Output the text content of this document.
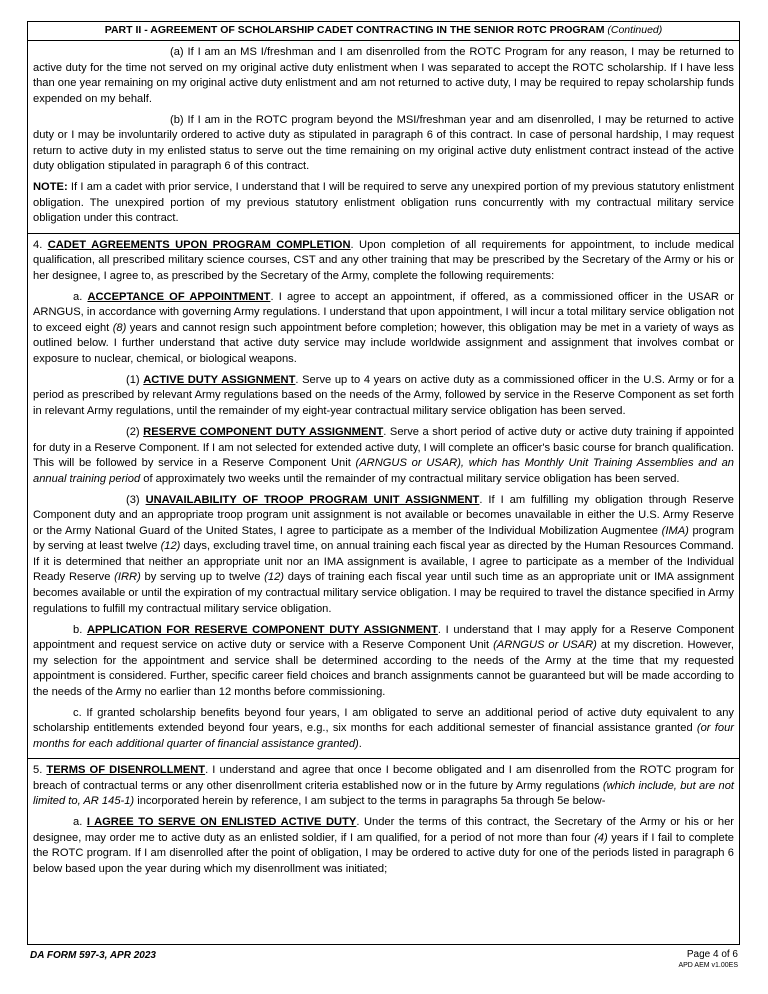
PART II - AGREEMENT OF SCHOLARSHIP CADET CONTRACTING IN THE SENIOR ROTC PROGRAM (Continued)

(a) If I am an MS I/freshman and I am disenrolled from the ROTC Program for any reason, I may be returned to active duty for the time not served on my original active duty enlistment when I was separated to accept the ROTC scholarship. If I have less than one year remaining on my original active duty enlistment and am not returned to active duty, I may be required to repay scholarship funds expended on my behalf.

(b) If I am in the ROTC program beyond the MSI/freshman year and am disenrolled, I may be returned to active duty or I may be involuntarily ordered to active duty as stipulated in paragraph 6 of this contract. In case of personal hardship, I may request return to active duty in my enlisted status to serve out the time remaining on my original active duty enlistment contract instead of the active duty obligation stipulated in paragraph 6 of this contract.

NOTE: If I am a cadet with prior service, I understand that I will be required to serve any unexpired portion of my previous statutory enlistment obligation. The unexpired portion of my previous statutory enlistment obligation runs concurrently with my contractual military service obligation under this contract.

4. CADET AGREEMENTS UPON PROGRAM COMPLETION. Upon completion of all requirements for appointment, to include medical qualification, all prescribed military science courses, CST and any other training that may be prescribed by the Secretary of the Army or his or her designee, I agree to, as prescribed by the Secretary of the Army, complete the following requirements:

a. ACCEPTANCE OF APPOINTMENT. I agree to accept an appointment, if offered, as a commissioned officer in the USAR or ARNGUS, in accordance with governing Army regulations. I understand that upon appointment, I will incur a total military service obligation not to exceed eight (8) years and cannot resign such appointment before completion; however, this obligation may be met in a variety of ways as outlined below. I further understand that active duty service may include worldwide assignment and assignment that involves combat or exposure to nuclear, chemical, or biological weapons.

(1) ACTIVE DUTY ASSIGNMENT. Serve up to 4 years on active duty as a commissioned officer in the U.S. Army or for a period as prescribed by relevant Army regulations based on the needs of the Army, followed by service in the Reserve Component as set forth in relevant Army regulations, until the remainder of my eight-year contractual military service obligation has been served.

(2) RESERVE COMPONENT DUTY ASSIGNMENT. Serve a short period of active duty or active duty training if appointed for duty in a Reserve Component. If I am not selected for extended active duty, I will complete an officer's basic course for branch qualification. This will be followed by service in a Reserve Component Unit (ARNGUS or USAR), which has Monthly Unit Training Assemblies and an annual training period of approximately two weeks until the remainder of my contractual military service obligation has been served.

(3) UNAVAILABILITY OF TROOP PROGRAM UNIT ASSIGNMENT. If I am fulfilling my obligation through Reserve Component duty and an appropriate troop program unit assignment is not available or becomes unavailable in either the U.S. Army Reserve or the Army National Guard of the United States, I agree to participate as a member of the Individual Mobilization Augmentee (IMA) program by serving at least twelve (12) days, excluding travel time, on annual training each fiscal year as directed by the Human Resources Command. If it is determined that neither an appropriate unit nor an IMA assignment is available, I agree to participate as a member of the Individual Ready Reserve (IRR) by serving up to twelve (12) days of training each fiscal year until such time as an appropriate unit or IMA assignment becomes available or until the expiration of my contractual military service obligation. I may be required to travel the distance specified in Army regulations to fulfill my contractual military service obligation.

b. APPLICATION FOR RESERVE COMPONENT DUTY ASSIGNMENT. I understand that I may apply for a Reserve Component appointment and request service on active duty or service with a Reserve Component Unit (ARNGUS or USAR) at my discretion. However, my selection for the appointment and service shall be determined according to the needs of the Army at the time that my requested appointment is considered. Further, specific career field choices and branch assignments cannot be guaranteed but will be made according to the needs of the Army no earlier than 12 months before commissioning.

c. If granted scholarship benefits beyond four years, I am obligated to serve an additional period of active duty equivalent to any scholarship entitlements extended beyond four years, e.g., six months for each additional semester of financial assistance granted (or four months for each additional quarter of financial assistance granted).

5. TERMS OF DISENROLLMENT. I understand and agree that once I become obligated and I am disenrolled from the ROTC program for breach of contractual terms or any other disenrollment criteria established now or in the future by Army regulations (which include, but are not limited to, AR 145-1) incorporated herein by reference, I am subject to the terms in paragraphs 5a through 5e below-

a. I AGREE TO SERVE ON ENLISTED ACTIVE DUTY. Under the terms of this contract, the Secretary of the Army or his or her designee, may order me to active duty as an enlisted soldier, if I am qualified, for a period of not more than four (4) years if I fail to complete the ROTC program. If I am disenrolled after the point of obligation, I may be ordered to active duty for one of the periods listed in paragraph 6 below based upon the year during which my disenrollment was initiated;

DA FORM 597-3, APR 2023	Page 4 of 6
APD AEM v1.00ES
